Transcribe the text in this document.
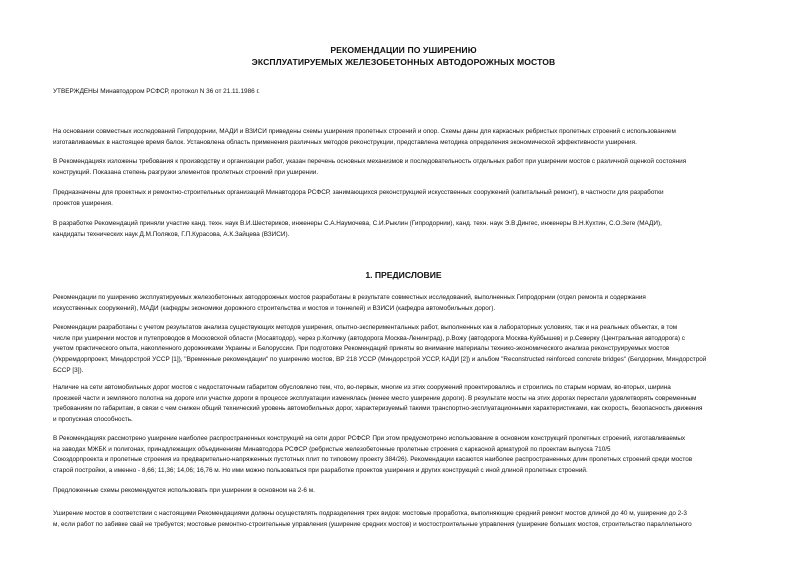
РЕКОМЕНДАЦИИ ПО УШИРЕНИЮ
ЭКСПЛУАТИРУЕМЫХ ЖЕЛЕЗОБЕТОННЫХ АВТОДОРОЖНЫХ МОСТОВ
УТВЕРЖДЕНЫ Минавтодором РСФСР, протокол N 36 от 21.11.1986 г.
На основании совместных исследований Гипродорнии, МАДИ и ВЗИСИ приведены схемы уширения пролетных строений и опор. Схемы даны для каркасных ребристых пролетных строений с использованием
изготавливаемых в настоящее время балок. Установлена область применения различных методов реконструкции, представлена методика определения экономической эффективности уширения.
В Рекомендациях изложены требования к производству и организации работ, указан перечень основных механизмов и последовательность отдельных работ при уширении мостов с различной оценкой состояния
конструкций. Показана степень разгрузки элементов пролетных строений при уширении.
Предназначены для проектных и ремонтно-строительных организаций Минавтодора РСФСР, занимающихся реконструкцией искусственных сооружений (капитальный ремонт), в частности для разработки
проектов уширения.
В разработке Рекомендаций приняли участие канд. техн. наук В.И.Шестериков, инженеры С.А.Наумочева, С.И.Рыклин (Гипродорнии), канд. техн. наук Э.В.Дингес, инженеры В.Н.Кухтин, С.О.Зеге (МАДИ),
кандидаты технических наук Д.М.Поляков, Г.П.Курасова, А.К.Зайцева (ВЗИСИ).
1. ПРЕДИСЛОВИЕ
Рекомендации по уширению эксплуатируемых железобетонных автодорожных мостов разработаны в результате совместных исследований, выполненных Гипродорнии (отдел ремонта и содержания
искусственных сооружений), МАДИ (кафедры экономики дорожного строительства и мостов и тоннелей) и ВЗИСИ (кафедра автомобильных дорог).
Рекомендации разработаны с учетом результатов анализа существующих методов уширения, опытно-экспериментальных работ, выполненных как в лабораторных условиях, так и на реальных объектах, в том
числе при уширении мостов и путепроводов в Московской области (Мосавтодор), через р.Колчику (автодорога Москва-Ленинград), р.Вожу (автодорога Москва-Куйбышев) и р.Северку (Центральная автодорога) с
учетом практического опыта, накопленного дорожниками Украины и Белоруссии. При подготовке Рекомендаций приняты во внимание материалы технико-экономического анализа реконструируемых мостов
(Укрремдорпроект, Миндорстрой УССР [1]), "Временные рекомендации" по уширению мостов, ВР 218 УССР (Миндорстрой УССР, КАДИ [2]) и альбом "Reconstructed reinforced concrete bridges" (Белдорнии, Миндорстрой
БССР [3]).
Наличие на сети автомобильных дорог мостов с недостаточным габаритом обусловлено тем, что, во-первых, многие из этих сооружений проектировались и строились по старым нормам, во-вторых, ширина
проезжей части и земляного полотна на дороге или участке дороги в процессе эксплуатации изменялась (менее место уширение дороги). В результате мосты на этих дорогах перестали удовлетворять современным
требованиям по габаритам, в связи с чем снижен общий технический уровень автомобильных дорог, характеризуемый такими транспортно-эксплуатационными характеристиками, как скорость, безопасность движения
и пропускная способность.
В Рекомендациях рассмотрено уширение наиболее распространенных конструкций на сети дорог РСФСР. При этом предусмотрено использование в основном конструкций пролетных строений, изготавливаемых
на заводах МЖБК и полигонах, принадлежащих объединениям Минавтодора РСФСР (ребристые железобетонные пролетные строения с каркасной арматурой по проектам выпуска 710/5
Союздорпроекта и пролетные строения из предварительно-напряженных пустотных плит по типовому проекту 384/26). Рекомендации касаются наиболее распространенных длин пролетных строений среди мостов
старой постройки, а именно - 8,66; 11,36; 14,06; 16,76 м. Но ими можно пользоваться при разработке проектов уширения и других конструкций с иной длиной пролетных строений.
Предложенные схемы рекомендуется использовать при уширении в основном на 2-6 м.
Уширение мостов в соответствии с настоящими Рекомендациями должны осуществлять подразделения трех видов: мостовые проработка, выполняющие средний ремонт мостов длиной до 40 м, уширение до 2-3
м, если работ по забивке свай не требуется; мостовые ремонтно-строительные управления (уширение средних мостов) и мостостроительные управления (уширение больших мостов, строительство параллельного
